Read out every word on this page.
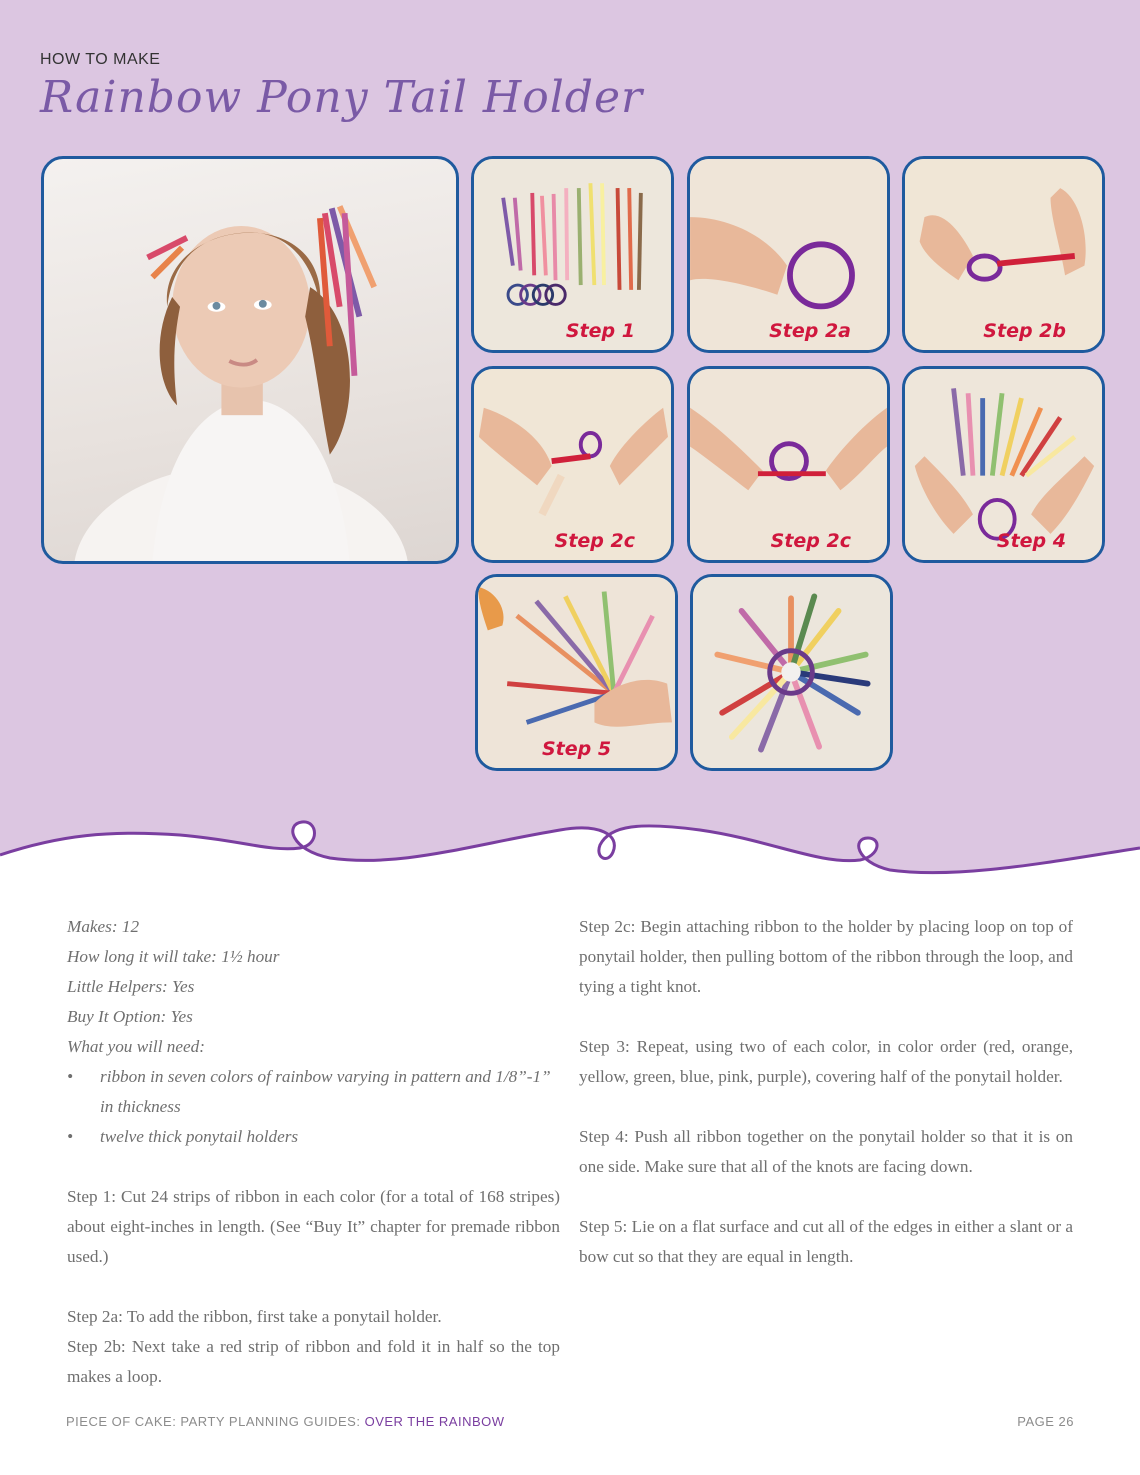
HOW TO MAKE
Rainbow Pony Tail Holder
Step 1	Step 2a	Step 2b
Step 2c	Step 2c	Step 4
Step 5
Makes: 12
How long it will take: 1½ hour
Little Helpers: Yes
Buy It Option: Yes
What you will need:
• ribbon in seven colors of rainbow varying in pattern and 1/8”-1” in thickness
• twelve thick ponytail holders

Step 1: Cut 24 strips of ribbon in each color (for a total of 168 stripes) about eight-inches in length. (See “Buy It” chapter for premade ribbon used.)

Step 2a: To add the ribbon, first take a ponytail holder.

Step 2b: Next take a red strip of ribbon and fold it in half so the top makes a loop.

Step 2c: Begin attaching ribbon to the holder by placing loop on top of ponytail holder, then pulling bottom of the ribbon through the loop, and tying a tight knot.

Step 3: Repeat, using two of each color, in color order (red, orange, yellow, green, blue, pink, purple), covering half of the ponytail holder.

Step 4: Push all ribbon together on the ponytail holder so that it is on one side. Make sure that all of the knots are facing down.

Step 5: Lie on a flat surface and cut all of the edges in either a slant or a bow cut so that they are equal in length.

PIECE OF CAKE: PARTY PLANNING GUIDES: OVER THE RAINBOW	PAGE 26
